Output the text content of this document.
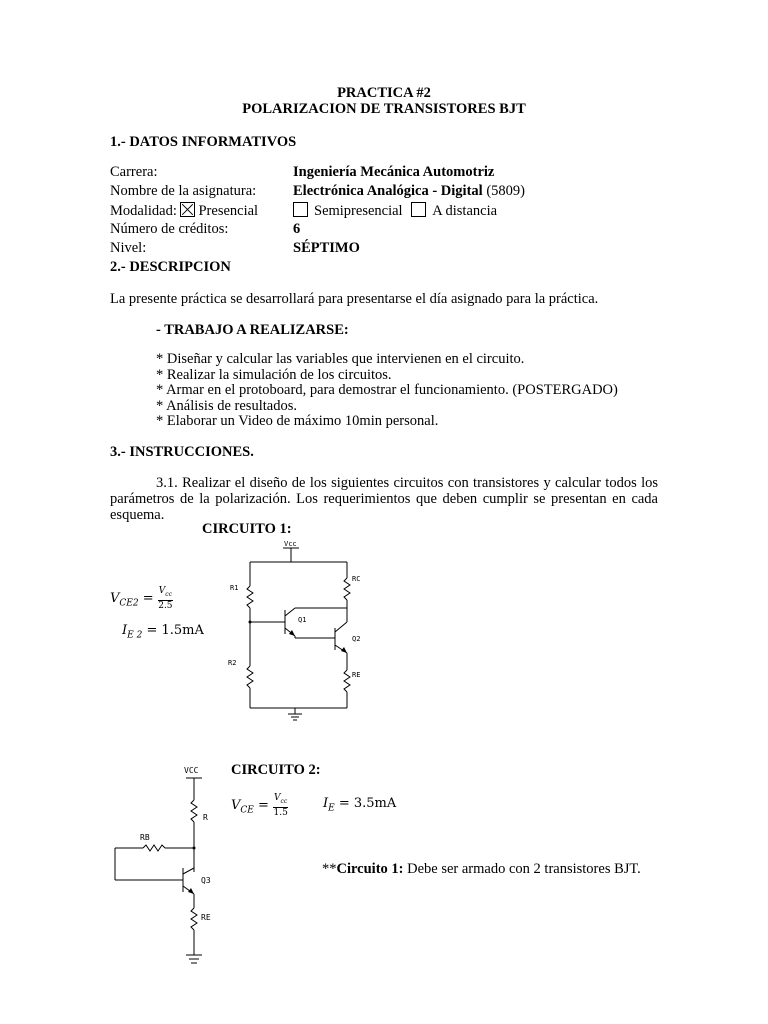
PRACTICA #2
POLARIZACION DE TRANSISTORES BJT
1.- DATOS INFORMATIVOS
Carrera:	Ingeniería Mecánica Automotriz
Nombre de la asignatura:	Electrónica Analógica - Digital (5809)
Modalidad: Presencial	Semipresencial A distancia
Número de créditos:	6
Nivel:	SÉPTIMO
2.- DESCRIPCION
La presente práctica se desarrollará para presentarse el día asignado para la práctica.
- TRABAJO A REALIZARSE:
* Diseñar y calcular las variables que intervienen en el circuito.
* Realizar la simulación de los circuitos.
* Armar en el protoboard, para demostrar el funcionamiento. (POSTERGADO)
* Análisis de resultados.
* Elaborar un Video de máximo 10min personal.
3.- INSTRUCCIONES.
3.1. Realizar el diseño de los siguientes circuitos con transistores y calcular todos los parámetros de la polarización. Los requerimientos que deben cumplir se presentan en cada esquema.
CIRCUITO 1:
$V_{CE2} = V_{cc}$
2.5
$I_{E 2} = 1.5mA$
Vcc
R1
RC
Q1
Q2
R2
RE
CIRCUITO 2:
$V_{CE} = V_{cc}$
1.5
$I_E = 3.5mA$
VCC
R
RB
Q3
RE
**Circuito 1: Debe ser armado con 2 transistores BJT.
